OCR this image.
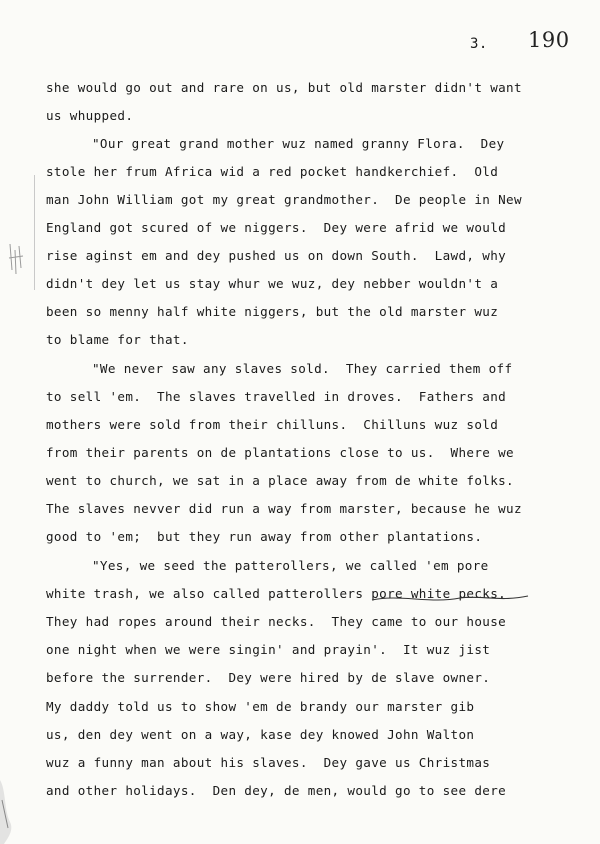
3. 190
she would go out and rare on us, but old marster didn't want
us whupped.
"Our great grand mother wuz named granny Flora.  Dey
stole her frum Africa wid a red pocket handkerchief.  Old
man John William got my great grandmother.  De people in New
England got scured of we niggers.  Dey were afrid we would
rise aginst em and dey pushed us on down South.  Lawd, why
didn't dey let us stay whur we wuz, dey nebber wouldn't a
been so menny half white niggers, but the old marster wuz
to blame for that.
"We never saw any slaves sold.  They carried them off
to sell 'em.  The slaves travelled in droves.  Fathers and
mothers were sold from their chilluns.  Chilluns wuz sold
from their parents on de plantations close to us.  Where we
went to church, we sat in a place away from de white folks.
The slaves nevver did run a way from marster, because he wuz
good to 'em;  but they run away from other plantations.
"Yes, we seed the patterollers, we called 'em pore
white trash, we also called patterollers pore white pecks.
They had ropes around their necks.  They came to our house
one night when we were singin' and prayin'.  It wuz jist
before the surrender.  Dey were hired by de slave owner.
My daddy told us to show 'em de brandy our marster gib
us, den dey went on a way, kase dey knowed John Walton
wuz a funny man about his slaves.  Dey gave us Christmas
and other holidays.  Den dey, de men, would go to see dere
